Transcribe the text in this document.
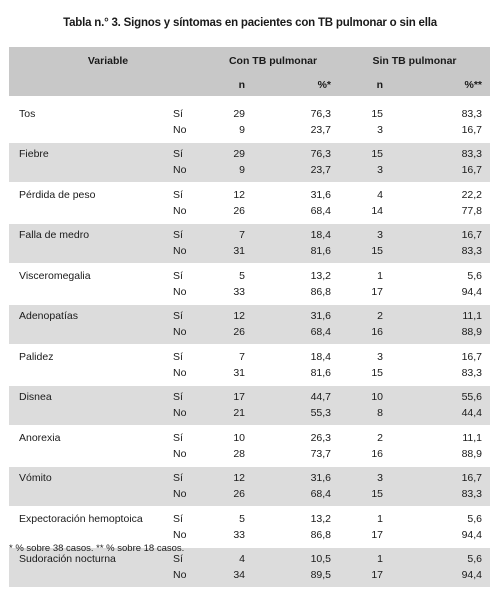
Tabla n.° 3. Signos y síntomas en pacientes con TB pulmonar o sin ella
Variable		Con TB pulmonar		Sin TB pulmonar	
		n	%*	n	%**

Tos	Sí	29	76,3	15	83,3
	No	9	23,7	3	16,7
Fiebre	Sí	29	76,3	15	83,3
	No	9	23,7	3	16,7
Pérdida de peso	Sí	12	31,6	4	22,2
	No	26	68,4	14	77,8
Falla de medro	Sí	7	18,4	3	16,7
	No	31	81,6	15	83,3
Visceromegalia	Sí	5	13,2	1	5,6
	No	33	86,8	17	94,4
Adenopatías	Sí	12	31,6	2	11,1
	No	26	68,4	16	88,9
Palidez	Sí	7	18,4	3	16,7
	No	31	81,6	15	83,3
Disnea	Sí	17	44,7	10	55,6
	No	21	55,3	8	44,4
Anorexia	Sí	10	26,3	2	11,1
	No	28	73,7	16	88,9
Vómito	Sí	12	31,6	3	16,7
	No	26	68,4	15	83,3
Expectoración hemoptoica	Sí	5	13,2	1	5,6
	No	33	86,8	17	94,4
Sudoración nocturna	Sí	4	10,5	1	5,6
	No	34	89,5	17	94,4
* % sobre 38 casos. ** % sobre 18 casos.
